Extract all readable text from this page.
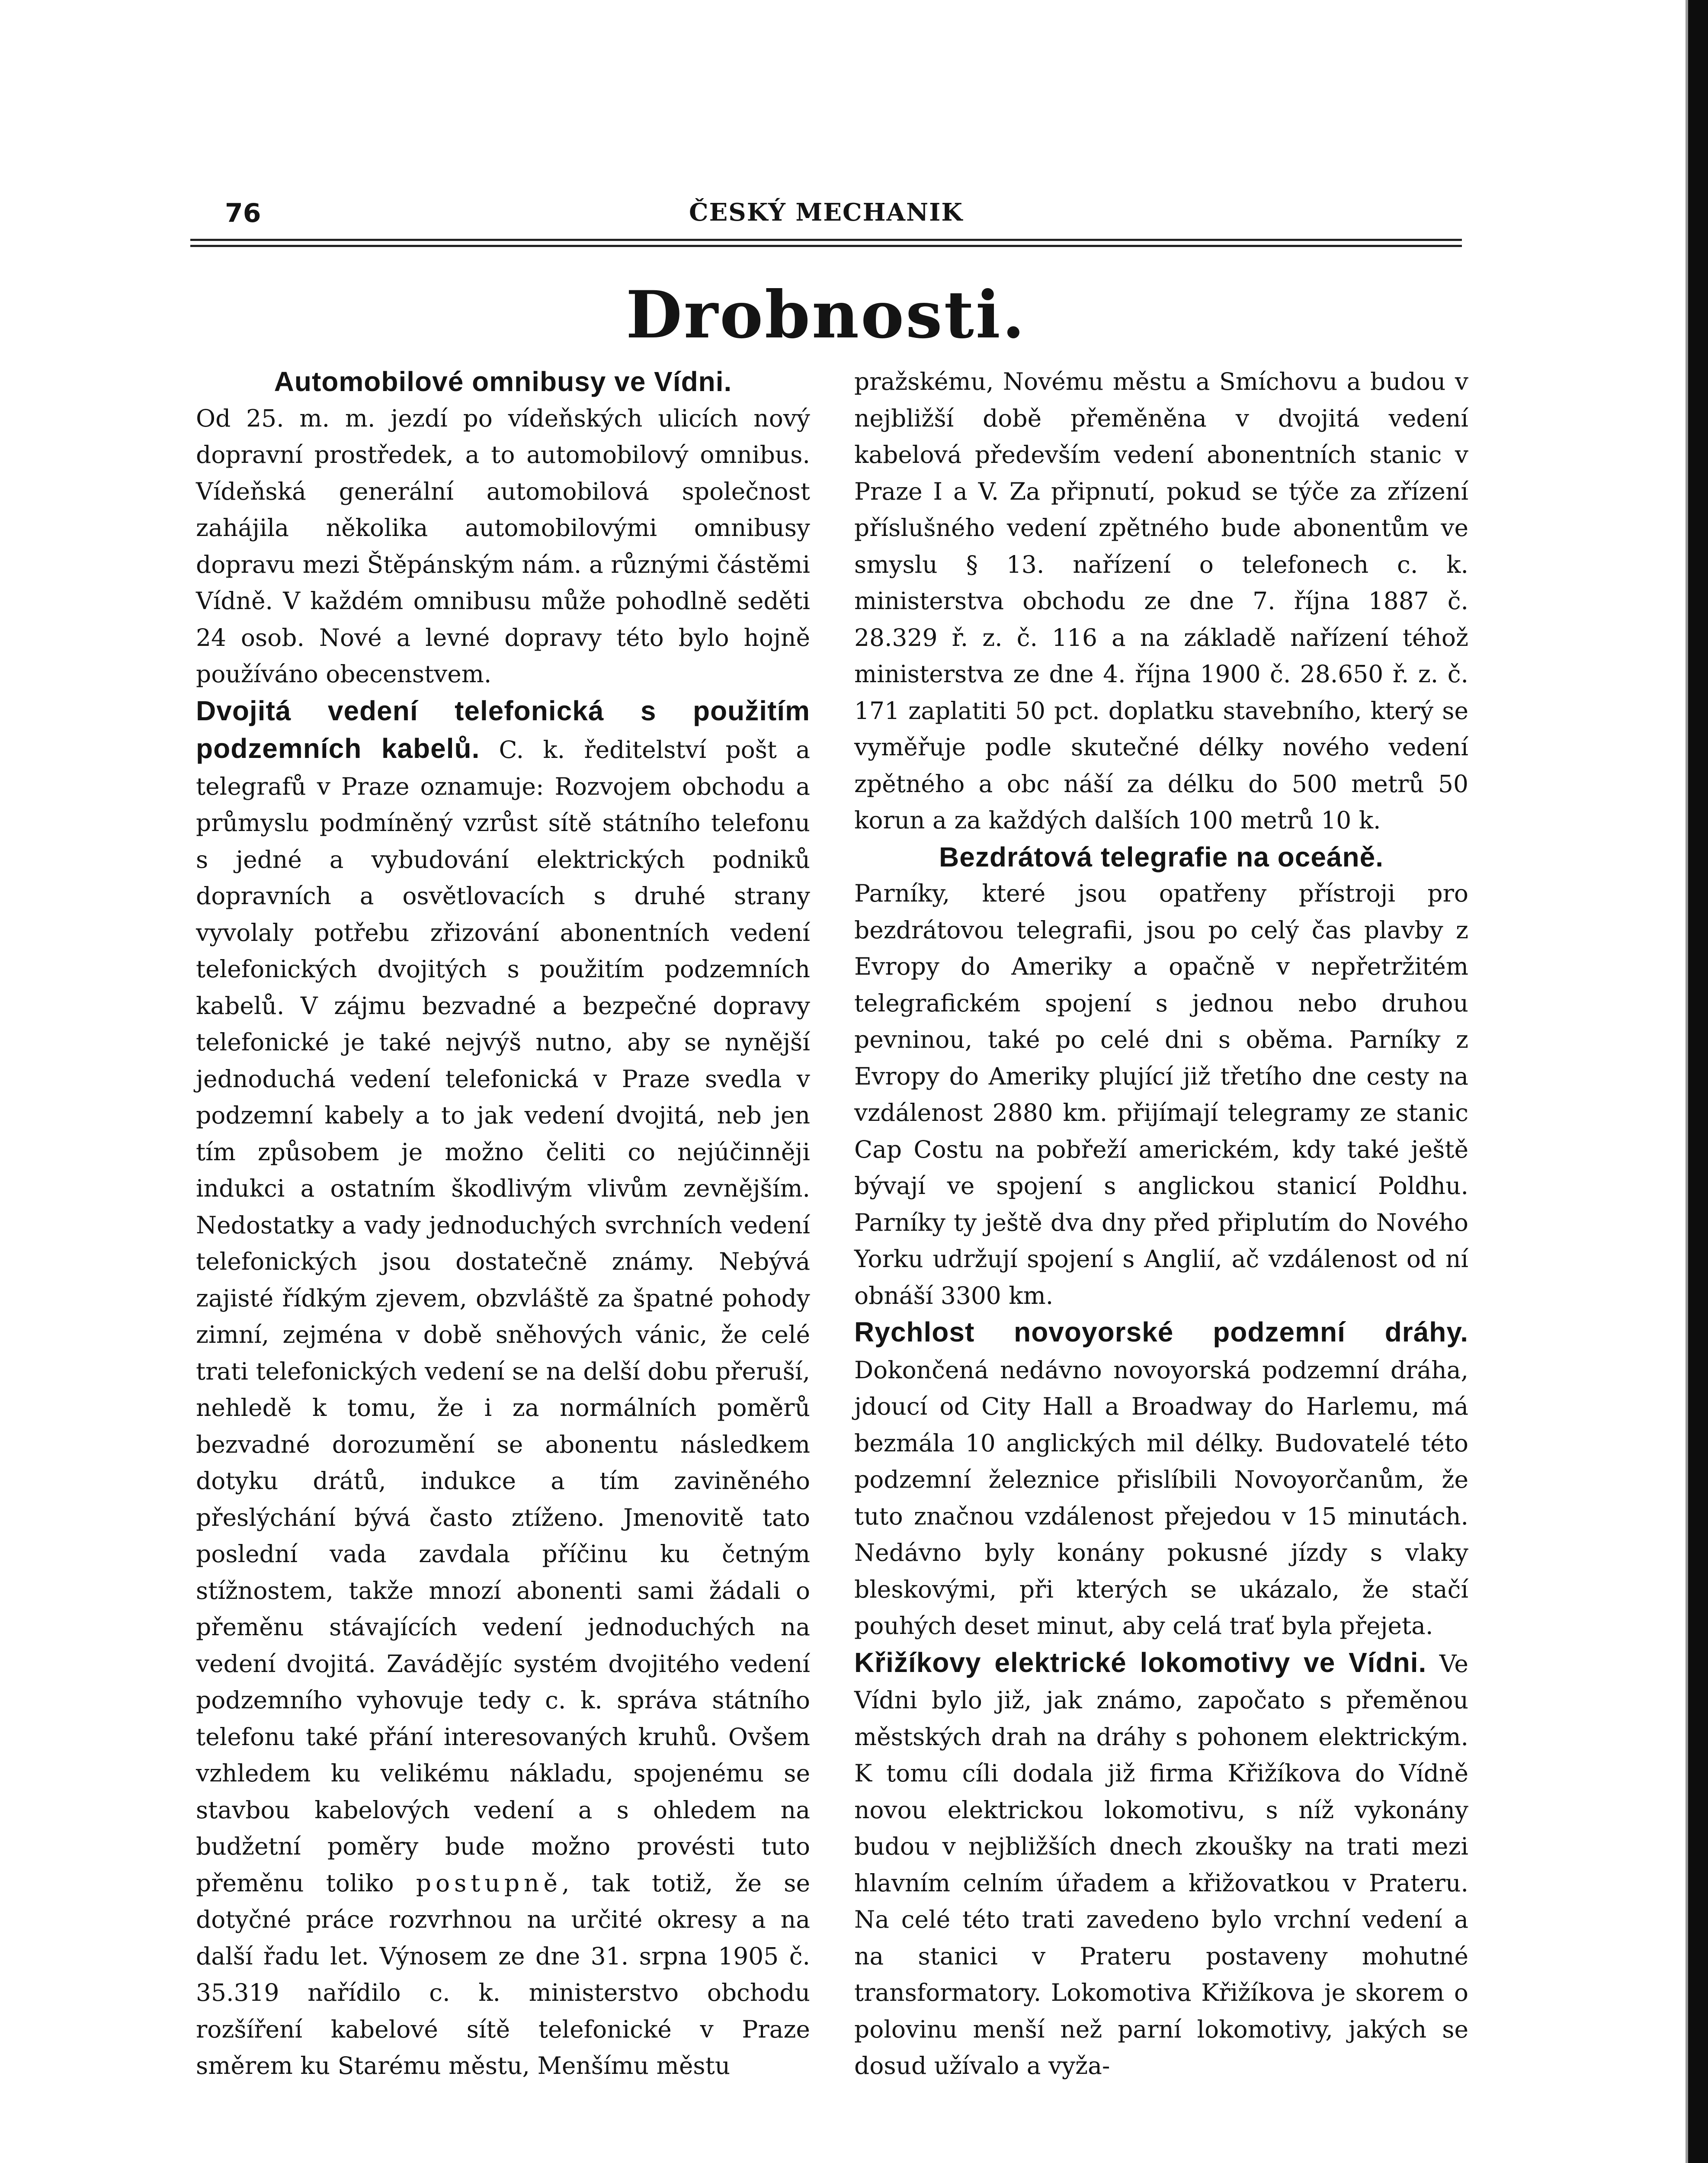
ČESKÝ MECHANIK
76
Drobnosti.

Automobilové omnibusy ve Vídni.

Od 25. m. m. jezdí po vídeňských ulicích nový dopravní prostředek, a to automobilový omnibus. Vídeňská generální automobilová společnost zahájila několika automobilovými omnibusy dopravu mezi Štěpánským nám. a různými částěmi Vídně. V každém omnibusu může pohodlně seděti 24 osob. Nové a levné dopravy této bylo hojně používáno obecenstvem.

Dvojitá vedení telefonická s použitím podzemních kabelů. C. k. ředitelství pošt a telegrafů v Praze oznamuje: Rozvojem obchodu a průmyslu podmíněný vzrůst sítě státního telefonu s jedné a vybudování elektrických podniků dopravních a osvětlovacích s druhé strany vyvolaly potřebu zřizování abonentních vedení telefonických dvojitých s použitím podzemních kabelů. V zájmu bezvadné a bezpečné dopravy telefonické je také nejvýš nutno, aby se nynější jednoduchá vedení telefonická v Praze svedla v podzemní kabely a to jak vedení dvojitá, neb jen tím způsobem je možno čeliti co nejúčinněji indukci a ostatním škodlivým vlivům zevnějším. Nedostatky a vady jednoduchých svrchních vedení telefonických jsou dostatečně známy. Nebývá zajisté řídkým zjevem, obzvláště za špatné pohody zimní, zejména v době sněhových vánic, že celé trati telefonických vedení se na delší dobu přeruší, nehledě k tomu, že i za normálních poměrů bezvadné dorozumění se abonentu následkem dotyku drátů, indukce a tím zaviněného přeslýchání bývá často ztíženo. Jmenovitě tato poslední vada zavdala příčinu ku četným stížnostem, takže mnozí abonenti sami žádali o přeměnu stávajících vedení jednoduchých na vedení dvojitá. Zavádějíc systém dvojitého vedení podzemního vyhovuje tedy c. k. správa státního telefonu také přání interesovaných kruhů. Ovšem vzhledem ku velikému nákladu, spojenému se stavbou kabelových vedení a s ohledem na budžetní poměry bude možno provésti tuto přeměnu toliko postupně, tak totiž, že se dotyčné práce rozvrhnou na určité okresy a na další řadu let. Výnosem ze dne 31. srpna 1905 č. 35.319 nařídilo c. k. ministerstvo obchodu rozšíření kabelové sítě telefonické v Praze směrem ku Starému městu, Menšímu městu

pražskému, Novému městu a Smíchovu a budou v nejbližší době přeměněna v dvojitá vedení kabelová především vedení abonentních stanic v Praze I a V. Za připnutí, pokud se týče za zřízení příslušného vedení zpětného bude abonentům ve smyslu § 13. nařízení o telefonech c. k. ministerstva obchodu ze dne 7. října 1887 č. 28.329 ř. z. č. 116 a na základě nařízení téhož ministerstva ze dne 4. října 1900 č. 28.650 ř. z. č. 171 zaplatiti 50 pct. doplatku stavebního, který se vyměřuje podle skutečné délky nového vedení zpětného a obc náší za délku do 500 metrů 50 korun a za každých dalších 100 metrů 10 k.

Bezdrátová telegrafie na oceáně.

Parníky, které jsou opatřeny přístroji pro bezdrátovou telegrafii, jsou po celý čas plavby z Evropy do Ameriky a opačně v nepřetržitém telegrafickém spojení s jednou nebo druhou pevninou, také po celé dni s oběma. Parníky z Evropy do Ameriky plující již třetího dne cesty na vzdálenost 2880 km. přijímají telegramy ze stanic Cap Costu na pobřeží americkém, kdy také ještě bývají ve spojení s anglickou stanicí Poldhu. Parníky ty ještě dva dny před připlutím do Nového Yorku udržují spojení s Anglií, ač vzdálenost od ní obnáší 3300 km.

Rychlost novoyorské podzemní dráhy. Dokončená nedávno novoyorská podzemní dráha, jdoucí od City Hall a Broadway do Harlemu, má bezmála 10 anglických mil délky. Budovatelé této podzemní železnice přislíbili Novoyorčanům, že tuto značnou vzdálenost přejedou v 15 minutách. Nedávno byly konány pokusné jízdy s vlaky bleskovými, při kterých se ukázalo, že stačí pouhých deset minut, aby celá trať byla přejeta.

Křižíkovy elektrické lokomotivy ve Vídni. Ve Vídni bylo již, jak známo, započato s přeměnou městských drah na dráhy s pohonem elektrickým. K tomu cíli dodala již firma Křižíkova do Vídně novou elektrickou lokomotivu, s níž vykonány budou v nejbližších dnech zkoušky na trati mezi hlavním celním úřadem a křižovatkou v Prateru. Na celé této trati zavedeno bylo vrchní vedení a na stanici v Prateru postaveny mohutné transformatory. Lokomotiva Křižíkova je skorem o polovinu menší než parní lokomotivy, jakých se dosud užívalo a vyža-
